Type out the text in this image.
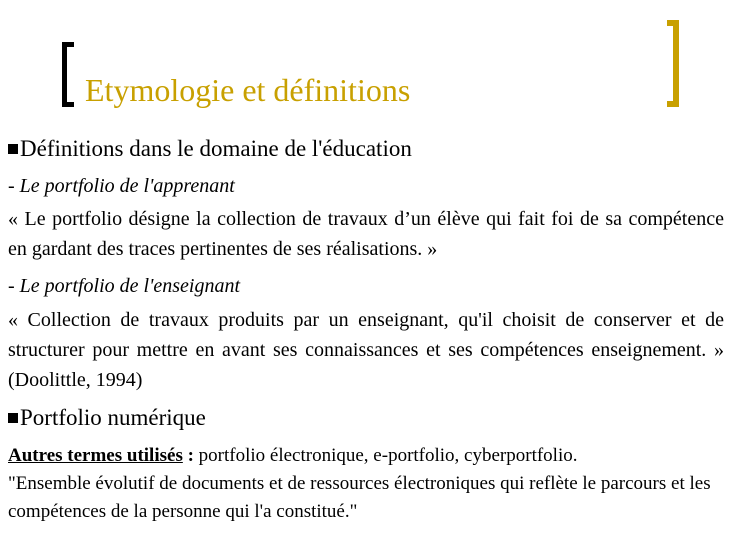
Etymologie et définitions
Définitions dans le domaine de l'éducation
- Le portfolio de l'apprenant
« Le portfolio désigne la collection de travaux d’un élève qui fait foi de sa compétence en gardant des traces pertinentes de ses réalisations. »
- Le portfolio de l'enseignant
« Collection de travaux produits par un enseignant, qu'il choisit de conserver et de structurer pour mettre en avant ses connaissances et ses compétences enseignement. » (Doolittle, 1994)
Portfolio numérique
Autres termes utilisés : portfolio électronique, e-portfolio, cyberportfolio.
"Ensemble évolutif de documents et de ressources électroniques qui reflète le parcours et les compétences de la personne qui l'a constitué."
